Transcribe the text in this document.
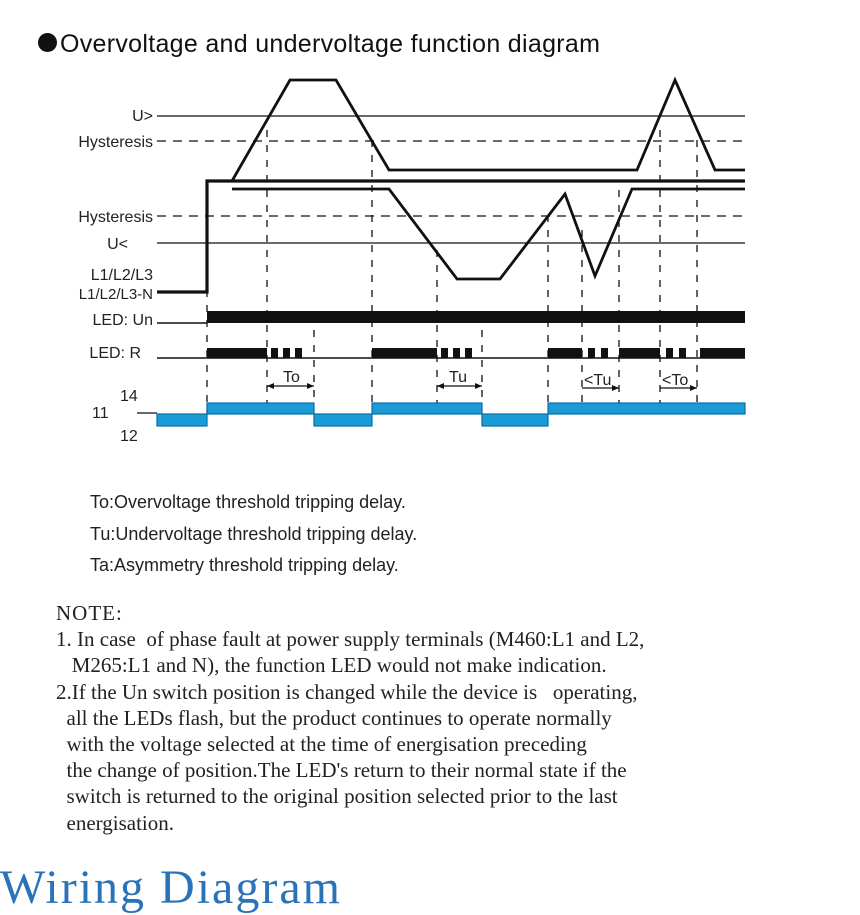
Overvoltage and undervoltage function diagram
To	Tu	<Tu	<To
U>
Hysteresis
Hysteresis
U<
L1/L2/L3
L1/L2/L3-N
LED: Un
LED: R
14
11
12
To:Overvoltage threshold tripping delay.
Tu:Undervoltage threshold tripping delay.
Ta:Asymmetry threshold tripping delay.
NOTE:
1. In case  of phase fault at power supply terminals (M460:L1 and L2,
M265:L1 and N), the function LED would not make indication.
2.If the Un switch position is changed while the device is   operating,
all the LEDs flash, but the product continues to operate normally
with the voltage selected at the time of energisation preceding
the change of position.The LED's return to their normal state if the
switch is returned to the original position selected prior to the last
energisation.
Wiring Diagram
